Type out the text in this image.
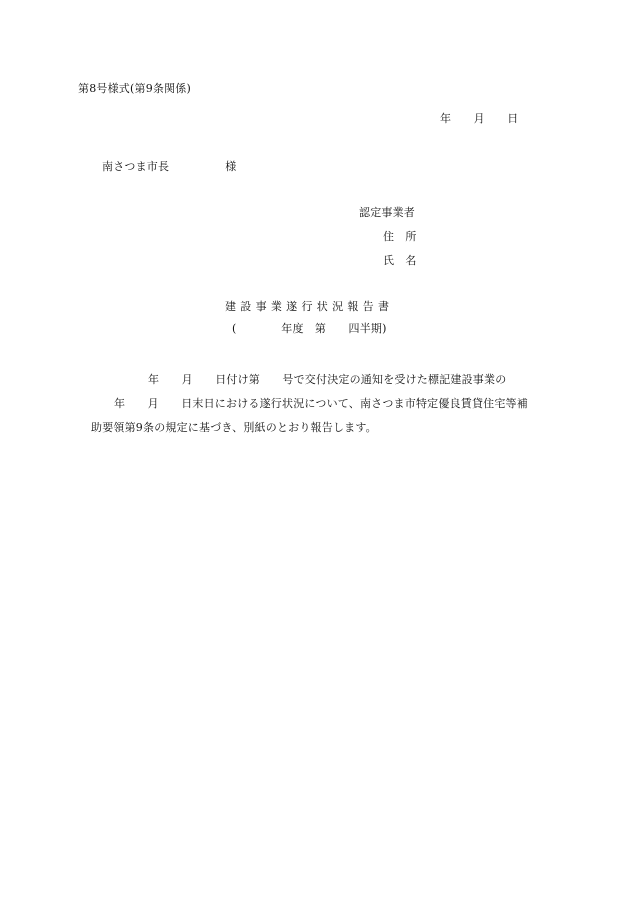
第8号様式(第9条関係)
年　　月　　日
南さつま市長　　　　　様
認定事業者
住　所
氏　名
建 設 事 業 遂 行 状 況 報 告 書
(　　　　年度　第　　四半期)
年　　月　　日付け第　　号で交付決定の通知を受けた標記建設事業の
年　　月　　日末日における遂行状況について、南さつま市特定優良賃貸住宅等補
助要領第9条の規定に基づき、別紙のとおり報告します。
